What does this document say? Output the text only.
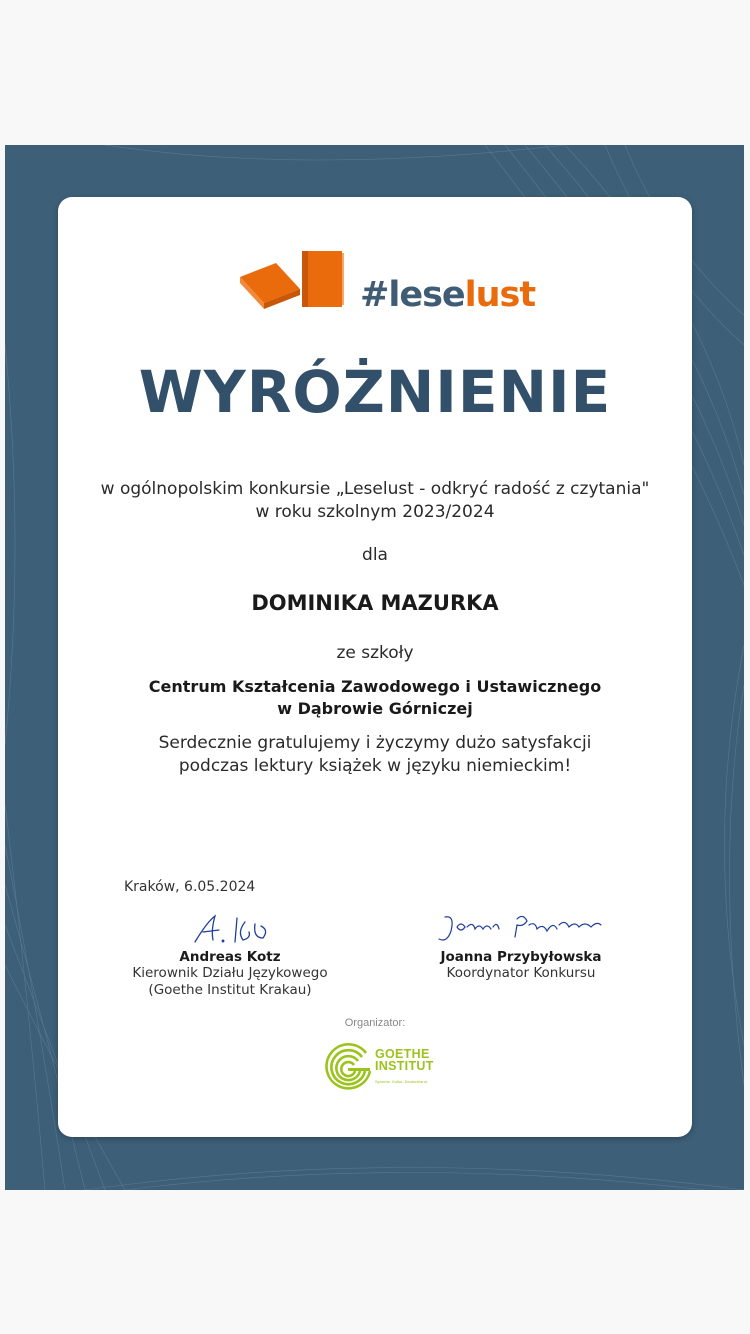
#leselust
WYRÓŻNIENIE
w ogólnopolskim konkursie „Leselust - odkryć radość z czytania"
w roku szkolnym 2023/2024
dla
DOMINIKA MAZURKA
ze szkoły
Centrum Kształcenia Zawodowego i Ustawicznego
w Dąbrowie Górniczej
Serdecznie gratulujemy i życzymy dużo satysfakcji
podczas lektury książek w języku niemieckim!
Kraków, 6.05.2024
Andreas Kotz
Kierownik Działu Językowego
(Goethe Institut Krakau)
Joanna Przybyłowska
Koordynator Konkursu
Organizator:
GOETHE
INSTITUT
Sprache. Kultur. Deutschland.
